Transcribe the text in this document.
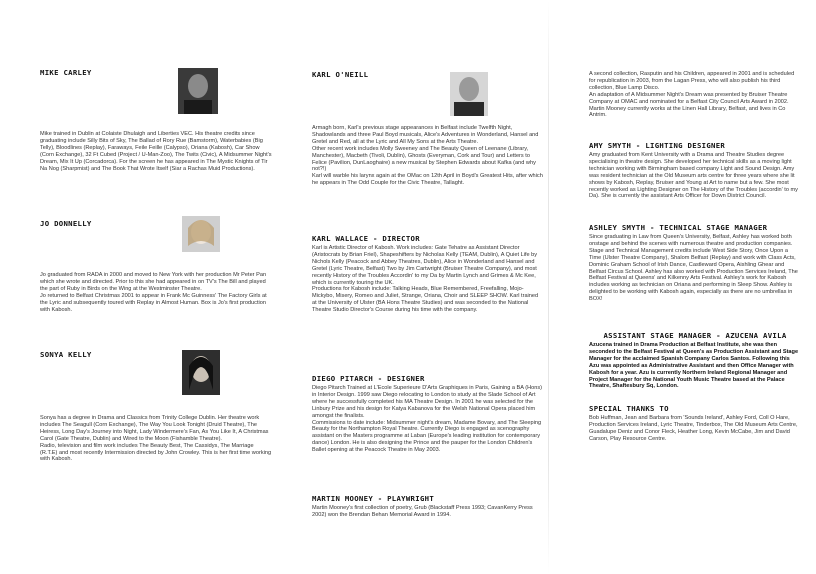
MIKE CARLEY

Mike trained in Dublin at Colaiste Dhulaigh and Liberties VEC. His theatre credits since graduating include Silly Bits of Sky, The Ballad of Rory Rue (Bamstorm), Waterbabies (Big Telly), Bloodlines (Replay), Faraways, Feile Feille (Calypso), Oriana (Kabosh), Car Show (Corn Exchange), 32 Ft Cubed (Project / U-Man-Zoo), The Twits (Civic), A Midsummer Night's Dream, Mix It Up (Corcadorca). For the screen he has appeared in The Mystic Knights of Tir Na Nog (Sharpmist) and The Book That Wrote Itself (Siar a Rachas Muid Productions).

JO DONNELLY

Jo graduated from RADA in 2000 and moved to New York with her production Mr Peter Pan which she wrote and directed. Prior to this she had appeared in on TV's The Bill and played the part of Ruby in Birds on the Wing at the Westminster Theatre.

Jo returned to Belfast Christmas 2001 to appear in Frank Mc Guinness' The Factory Girls at the Lyric and subsequently toured with Replay in Almost Human. Box is Jo's first production with Kabosh.

SONYA KELLY

Sonya has a degree in Drama and Classics from Trinity College Dublin. Her theatre work includes The Seagull (Corn Exchange), The Way You Look Tonight (Druid Theatre), The Heiress, Long Day's Journey into Night, Lady Windermere's Fan, As You Like It, A Christmas Carol (Gate Theatre, Dublin) and Wired to the Moon (Fishamble Theatre).

Radio, television and film work includes The Beauty Best, The Cassidys, The Marriage (R.T.E) and most recently Intermission directed by John Crowley. This is her first time working with Kabosh.

KARL O'NEILL

Armagh born, Karl's previous stage appearances in Belfast include Twelfth Night, Shadowlands and three Paul Boyd musicals, Alice's Adventures in Wonderland, Hansel and Gretel and Red, all at the Lyric and All My Sons at the Arts Theatre.

Other recent work includes Molly Sweeney and The Beauty Queen of Leenane (Library, Manchester), Macbeth (Tivoli, Dublin), Ghosts (Everyman, Cork and Tour) and Letters to Felice (Pavilion, DunLaoghaire) a new musical by Stephen Edwards about Kafka (and why not?!)

Karl will warble his larynx again at the OMac on 12th April in Boyd's Greatest Hits, after which he appears in The Odd Couple for the Civic Theatre, Tallaght.

KARL WALLACE - DIRECTOR

Karl is Artistic Director of Kabosh. Work includes: Gate Tehatre as Assistant Director (Aristocrats by Brian Friel), Shapeshifters by Nicholas Kelly (TEAM, Dublin), A Quiet Life by Nichols Kelly (Peacock and Abbey Theatres, Dublin), Alice in Wonderland and Hansel and Gretel (Lyric Theatre, Belfast) Two by Jim Cartwright (Bruiser Theatre Company), and most recently History of the Troubles Accordin' to my Da by Martin Lynch and Grimes & Mc Kee, which is currently touring the UK.

Productions for Kabosh include: Talking Heads, Blue Remembered, Freefalling, Mojo-Mickybo, Misery, Romeo and Juliet, Strange, Oriana, Choir and SLEEP SHOW. Karl trained at the University of Ulster (BA Hons Theatre Studies) and was seconded to the National Theatre Studio Director's Course during his time with the company.

DIEGO PITARCH - DESIGNER

Diego Pitarch Trained at L'Ecole Superieure D'Arts Graphiques in Paris, Gaining a BA (Hons) in Interior Design. 1999 saw Diego relocating to London to study at the Slade School of Art where he successfully completed his MA Theatre Design. In 2001 he was selected for the Linbury Prize and his design for Katya Kabanova for the Welsh National Opera placed him amongst the finalists.

Commissions to date include: Midsummer night's dream, Madame Bovary, and The Sleeping Beauty for the Northampton Royal Theatre. Currently Diego is engaged as scenography assistant on the Masters programme at Laban (Europe's leading institution for contemporary dance) London. He is also designing the Prince and the pauper for the London Children's Ballet opening at the Peacock Theatre in May 2003.

MARTIN MOONEY - PLAYWRIGHT

Martin Mooney's first collection of poetry, Grub (Blackstaff Press 1993; CavanKerry Press 2002) won the Brendan Behan Memorial Award in 1994.

A second collection, Rasputin and his Children, appeared in 2001 and is scheduled for republication in 2003, from the Lagan Press, who will also publish his third collection, Blue Lamp Disco.

An adaptation of A Midsummer Night's Dream was presented by Bruiser Theatre Company at OMAC and nominated for a Belfast City Council Arts Award in 2002.

Martin Mooney currently works at the Linen Hall Library, Belfast, and lives in Co Antrim.

AMY SMYTH - LIGHTING DESIGNER

Amy graduated from Kent University with a Drama and Theatre Studies degree specialising in theatre design. She developed her technical skills as a moving light technician working with Birmingham based company Light and Sound Design. Amy was resident technician at the Old Museum arts centre for three years where she lit shows by Kabosh, Replay, Bruiser and Young at Art to name but a few. She most recently worked as Lighting Designer on The History of the Troubles (accordin' to my Da). She is currently the assistant Arts Officer for Down District Council.

ASHLEY SMYTH - TECHNICAL STAGE MANAGER

Since graduating in Law from Queen's University, Belfast, Ashley has worked both onstage and behind the scenes with numerous theatre and production companies. Stage and Technical Management credits include West Side Story, Once Upon a Time (Ulster Theatre Company), Shalom Belfast (Replay) and work with Class Acts, Dominic Graham School of Irish Dance, Castleward Opera, Aishling Ghear and Belfast Circus School. Ashley has also worked with Production Services Ireland, The Belfast Festival at Queens' and Kilkenny Arts Festival. Ashley's work for Kabosh includes working as technician on Oriana and performing in Sleep Show. Ashley is delighted to be working with Kabosh again, especially as there are no umbrellas in BOX!

ASSISTANT STAGE MANAGER - AZUCENA AVILA

Azucena trained in Drama Production at Belfast Institute, she was then seconded to the Belfast Festival at Queen's as Production Assistant and Stage Manager for the acclaimed Spanish Company Carlos Santos. Following this Azu was appointed as Administrative Assistant and then Office Manager with Kabosh for a year. Azu is currently Northern Ireland Regional Manager and Project Manager for the National Youth Music Theatre based at the Palace Theatre, Shaftesbury Sq, London.

SPECIAL THANKS TO

Bob Huffman, Jean and Barbara from 'Sounds Ireland', Ashley Ford, Coll O Hare, Production Services Ireland, Lyric Theatre, Tinderbox, The Old Museum Arts Centre, Guadalupe Deniz and Conor Fleck, Heather Long, Kevin McCabe, Jim and David Carson, Play Resource Centre.
